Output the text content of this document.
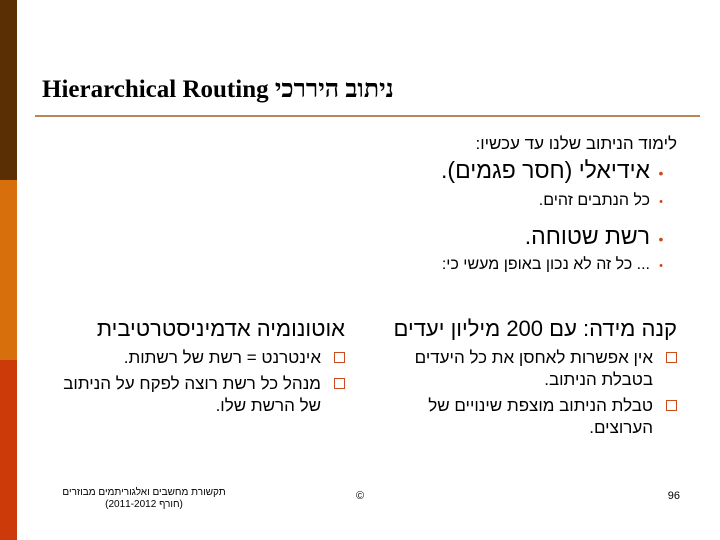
Hierarchical Routing ניתוב היררכי
לימוד הניתוב שלנו עד עכשיו:
•אידיאלי (חסר פגמים).
•כל הנתבים זהים.
•רשת שטוחה.
•... כל זה לא נכון באופן מעשי כי:
קנה מידה: עם 200 מיליון יעדים
אין אפשרות לאחסן את כל היעדים בטבלת הניתוב.
טבלת הניתוב מוצפת שינויים של הערוצים.
אוטונומיה אדמיניסטרטיבית
אינטרנט = רשת של רשתות.
מנהל כל רשת רוצה לפקח על הניתוב של הרשת שלו.
תקשורת מחשבים ואלגוריתמים מבוזרים
(חורף 2011-2012)
©	96
